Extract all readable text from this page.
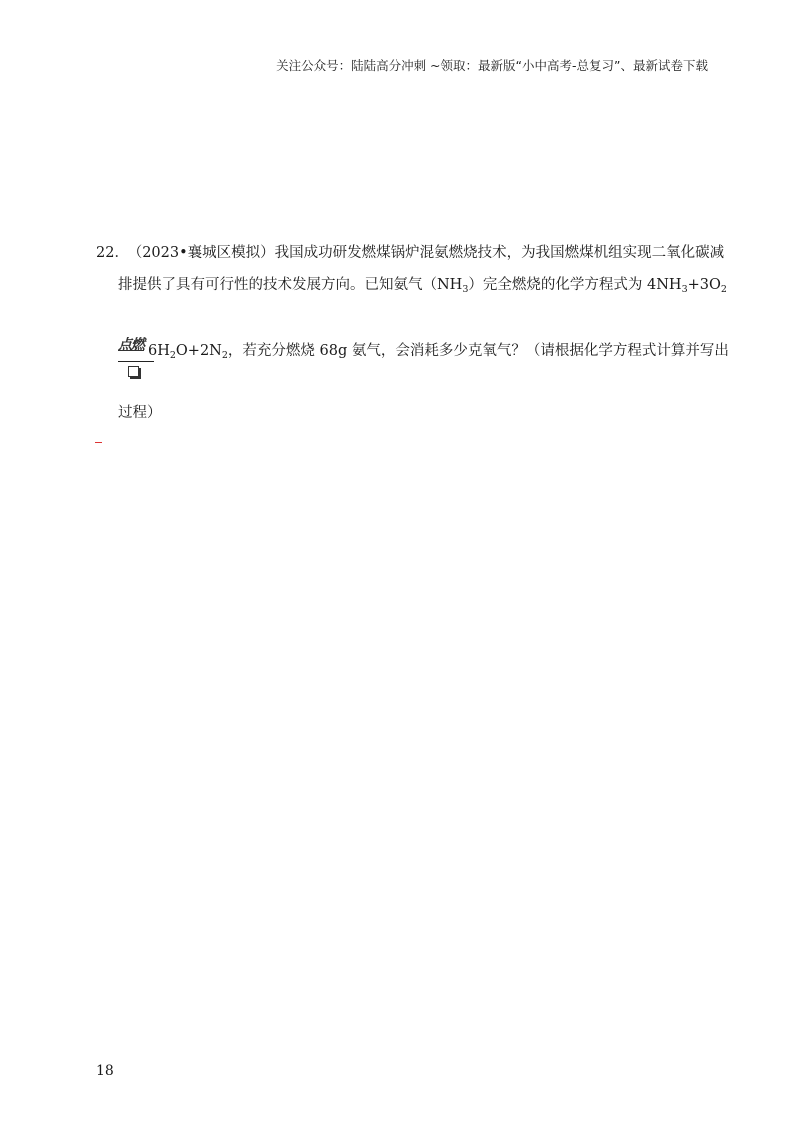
关注公众号：陆陆高分冲刺 ~领取：最新版“小中高考-总复习”、最新试卷下载
22． （2023•襄城区模拟）我国成功研发燃煤锅炉混氨燃烧技术，为我国燃煤机组实现二氧化碳减
排提供了具有可行性的技术发展方向。已知氨气$(NH_3)$完全燃烧的化学方程式为 $4NH_3+3O_2$
$6H_2O+2N_2$，若充分燃烧 68g 氨气，会消耗多少克氧气？（请根据化学方程式计算并写出
过程）
点燃
18
